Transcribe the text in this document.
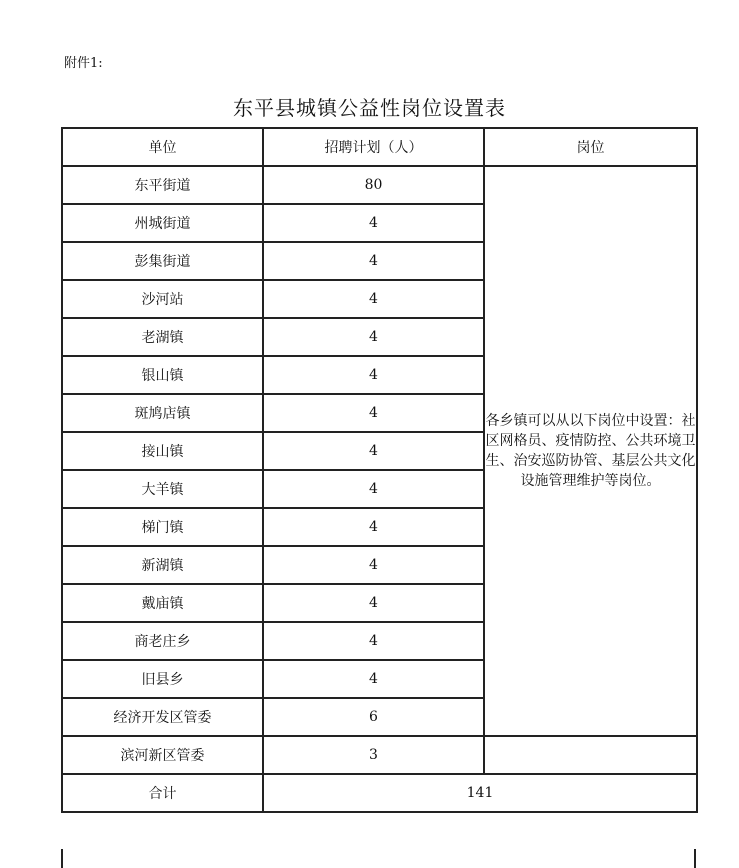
附件1:
东平县城镇公益性岗位设置表
单位	招聘计划（人）	岗位
东平街道	80	各乡镇可以从以下岗位中设置：社区网格员、疫情防控、公共环境卫生、治安巡防协管、基层公共文化设施管理维护等岗位。
州城街道	4	
彭集街道	4	
沙河站	4	
老湖镇	4	
银山镇	4	
斑鸠店镇	4	
接山镇	4	
大羊镇	4	
梯门镇	4	
新湖镇	4	
戴庙镇	4	
商老庄乡	4	
旧县乡	4	
经济开发区管委	6	
滨河新区管委	3	
合计	141	
